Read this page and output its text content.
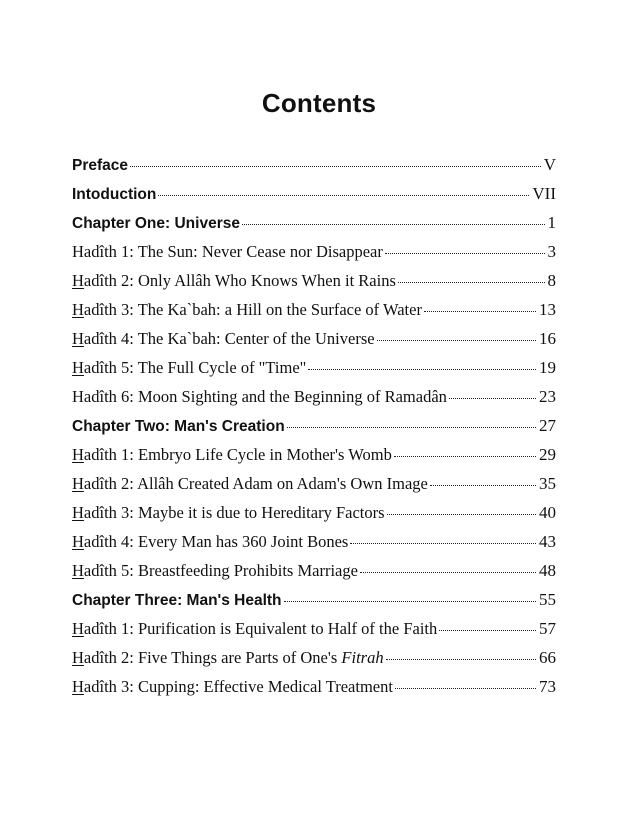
Contents
Preface	V
Intoduction	VII
Chapter One: Universe	1
Hadîth 1: The Sun: Never Cease nor Disappear	3
Hadîth 2: Only Allâh Who Knows When it Rains	8
Hadîth 3: The Ka`bah: a Hill on the Surface of Water	13
Hadîth 4: The Ka`bah: Center of the Universe	16
Hadîth 5: The Full Cycle of "Time"	19
Hadîth 6: Moon Sighting and the Beginning of Ramadân	23
Chapter Two: Man's Creation	27
Hadîth 1: Embryo Life Cycle in Mother's Womb	29
Hadîth 2: Allâh Created Adam on Adam's Own Image	35
Hadîth 3: Maybe it is due to Hereditary Factors	40
Hadîth 4: Every Man has 360 Joint Bones	43
Hadîth 5: Breastfeeding Prohibits Marriage	48
Chapter Three: Man's Health	55
Hadîth 1: Purification is Equivalent to Half of the Faith	57
Hadîth 2: Five Things are Parts of One's Fitrah	66
Hadîth 3: Cupping: Effective Medical Treatment	73
